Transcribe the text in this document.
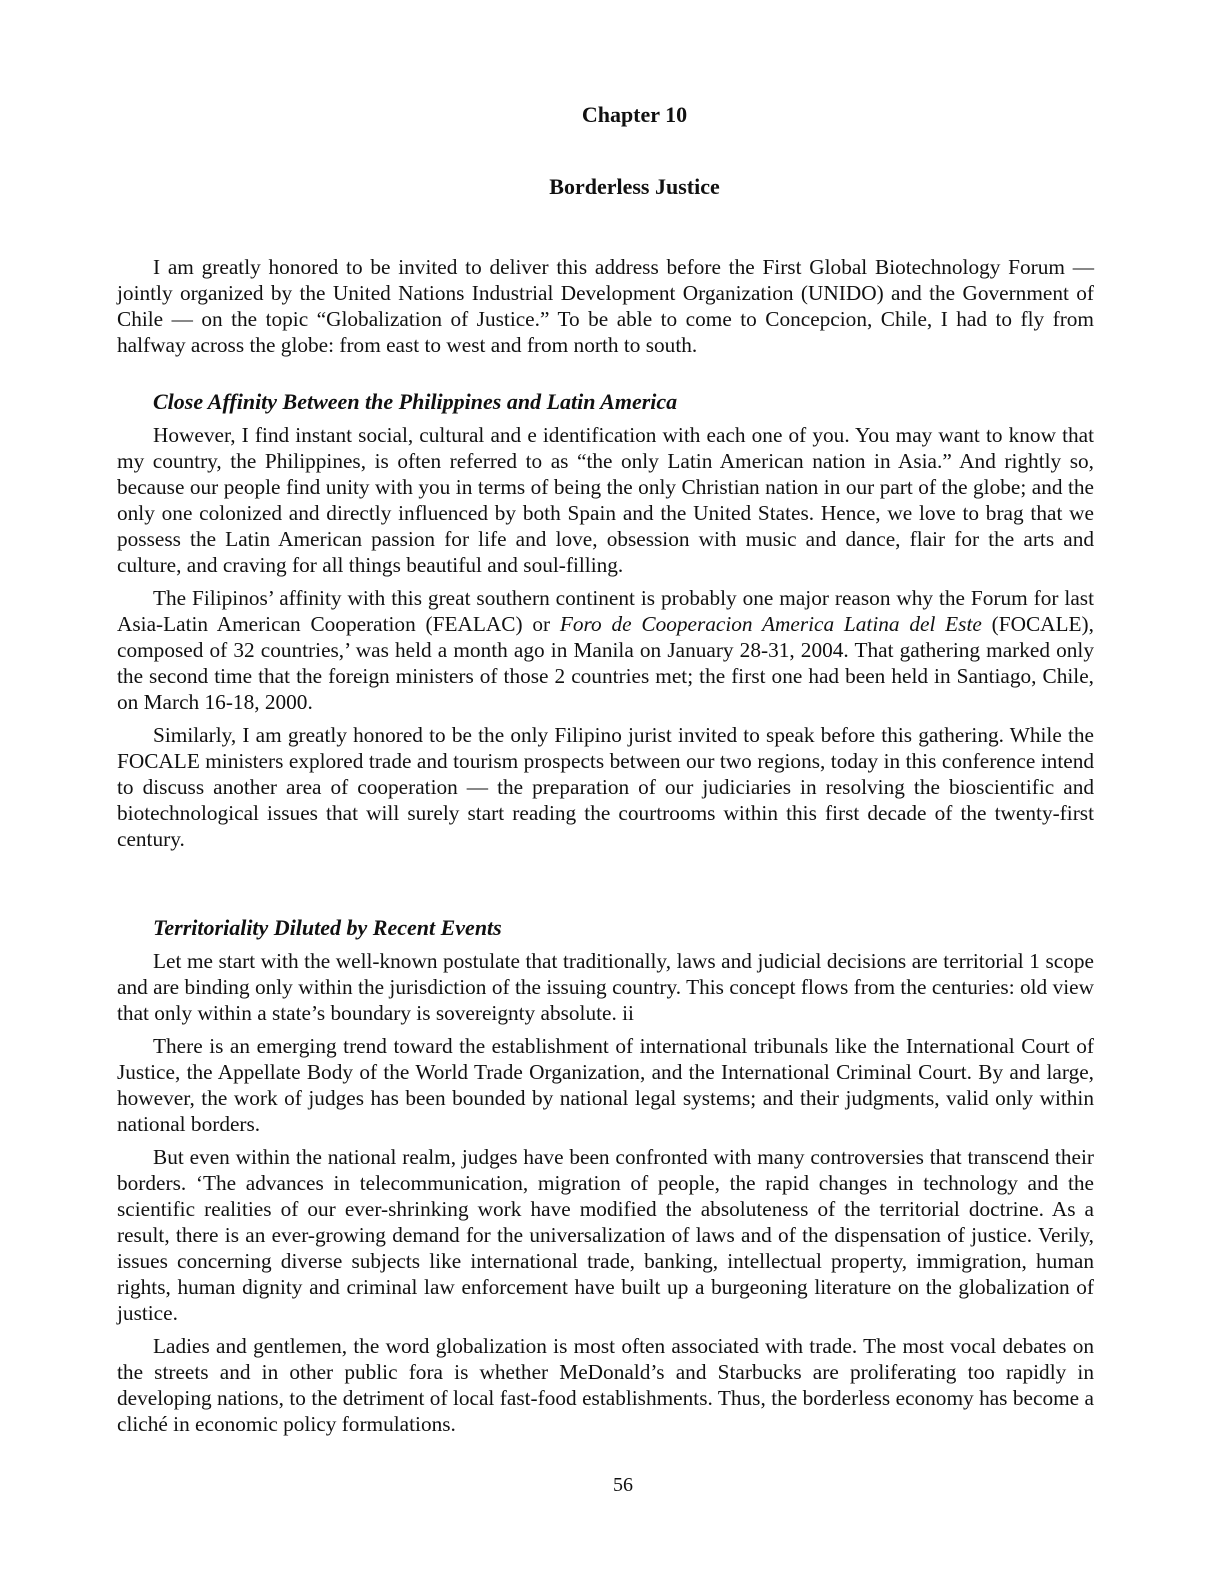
Chapter 10
Borderless Justice

I am greatly honored to be invited to deliver this address before the First Global Biotechnology Forum — jointly organized by the United Nations Industrial Development Organization (UNIDO) and the Government of Chile — on the topic “Globalization of Justice.” To be able to come to Concepcion, Chile, I had to fly from halfway across the globe: from east to west and from north to south.

Close Affinity Between the Philippines and Latin America

However, I find instant social, cultural and e identification with each one of you. You may want to know that my country, the Philippines, is often referred to as “the only Latin American nation in Asia.” And rightly so, because our people find unity with you in terms of being the only Christian nation in our part of the globe; and the only one colonized and directly influenced by both Spain and the United States. Hence, we love to brag that we possess the Latin American passion for life and love, obsession with music and dance, flair for the arts and culture, and craving for all things beautiful and soul-filling.

The Filipinos’ affinity with this great southern continent is probably one major reason why the Forum for last Asia-Latin American Cooperation (FEALAC) or Foro de Cooperacion America Latina del Este (FOCALE), composed of 32 countries,’ was held a month ago in Manila on January 28-31, 2004. That gathering marked only the second time that the foreign ministers of those 2 countries met; the first one had been held in Santiago, Chile, on March 16-18, 2000.

Similarly, I am greatly honored to be the only Filipino jurist invited to speak before this gathering. While the FOCALE ministers explored trade and tourism prospects between our two regions, today in this conference intend to discuss another area of cooperation — the preparation of our judiciaries in resolving the bioscientific and biotechnological issues that will surely start reading the courtrooms within this first decade of the twenty-first century.

Territoriality Diluted by Recent Events

Let me start with the well-known postulate that traditionally, laws and judicial decisions are territorial 1 scope and are binding only within the jurisdiction of the issuing country. This concept flows from the centuries: old view that only within a state’s boundary is sovereignty absolute. ii

There is an emerging trend toward the establishment of international tribunals like the International Court of Justice, the Appellate Body of the World Trade Organization, and the International Criminal Court. By and large, however, the work of judges has been bounded by national legal systems; and their judgments, valid only within national borders.

But even within the national realm, judges have been confronted with many controversies that transcend their borders. ‘The advances in telecommunication, migration of people, the rapid changes in technology and the scientific realities of our ever-shrinking work have modified the absoluteness of the territorial doctrine. As a result, there is an ever-growing demand for the universalization of laws and of the dispensation of justice. Verily, issues concerning diverse subjects like international trade, banking, intellectual property, immigration, human rights, human dignity and criminal law enforcement have built up a burgeoning literature on the globalization of justice.

Ladies and gentlemen, the word globalization is most often associated with trade. The most vocal debates on the streets and in other public fora is whether MeDonald’s and Starbucks are proliferating too rapidly in developing nations, to the detriment of local fast-food establishments. Thus, the borderless economy has become a cliché in economic policy formulations.

56
